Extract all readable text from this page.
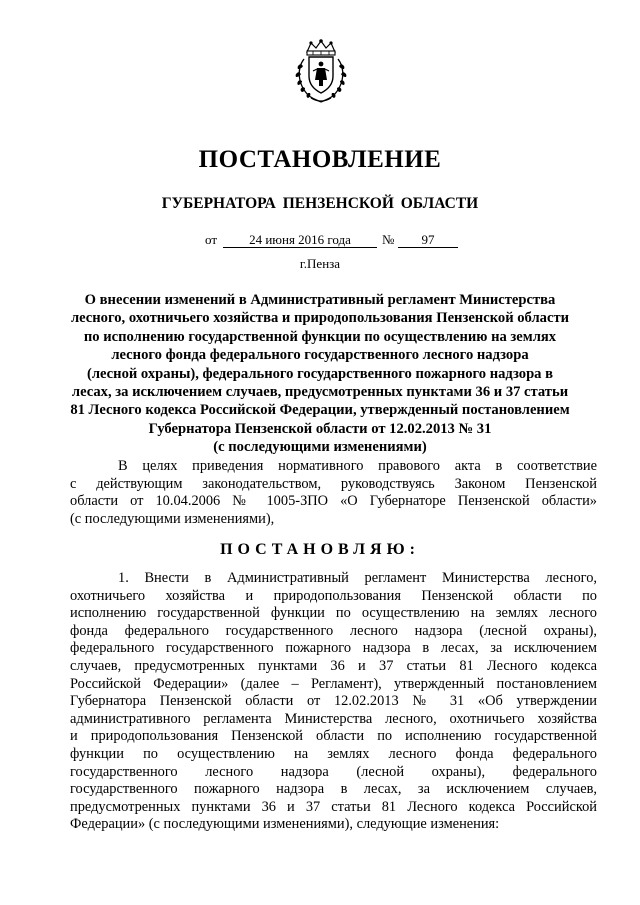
ПОСТАНОВЛЕНИЕ
ГУБЕРНАТОРА ПЕНЗЕНСКОЙ ОБЛАСТИ
от	24 июня 2016 года	№	97
г.Пенза
О внесении изменений в Административный регламент Министерства
лесного, охотничьего хозяйства и природопользования Пензенской области
по исполнению государственной функции по осуществлению на землях
лесного фонда федерального государственного лесного надзора
(лесной охраны), федерального государственного пожарного надзора в
лесах, за исключением случаев, предусмотренных пунктами 36 и 37 статьи
81 Лесного кодекса Российской Федерации, утвержденный постановлением
Губернатора Пензенской области от 12.02.2013 № 31
(с последующими изменениями)
В целях приведения нормативного правового акта в соответствие
с действующим законодательством, руководствуясь Законом Пензенской
области от 10.04.2006 № 1005-ЗПО «О Губернаторе Пензенской области»
(с последующими изменениями),
ПОСТАНОВЛЯЮ:
1. Внести в Административный регламент Министерства лесного,
охотничьего хозяйства и природопользования Пензенской области по
исполнению государственной функции по осуществлению на землях лесного
фонда федерального государственного лесного надзора (лесной охраны),
федерального государственного пожарного надзора в лесах, за исключением
случаев, предусмотренных пунктами 36 и 37 статьи 81 Лесного кодекса
Российской Федерации» (далее – Регламент), утвержденный постановлением
Губернатора Пензенской области от 12.02.2013 № 31 «Об утверждении
административного регламента Министерства лесного, охотничьего хозяйства
и природопользования Пензенской области по исполнению государственной
функции по осуществлению на землях лесного фонда федерального
государственного лесного надзора (лесной охраны), федерального
государственного пожарного надзора в лесах, за исключением случаев,
предусмотренных пунктами 36 и 37 статьи 81 Лесного кодекса Российской
Федерации» (с последующими изменениями), следующие изменения:
